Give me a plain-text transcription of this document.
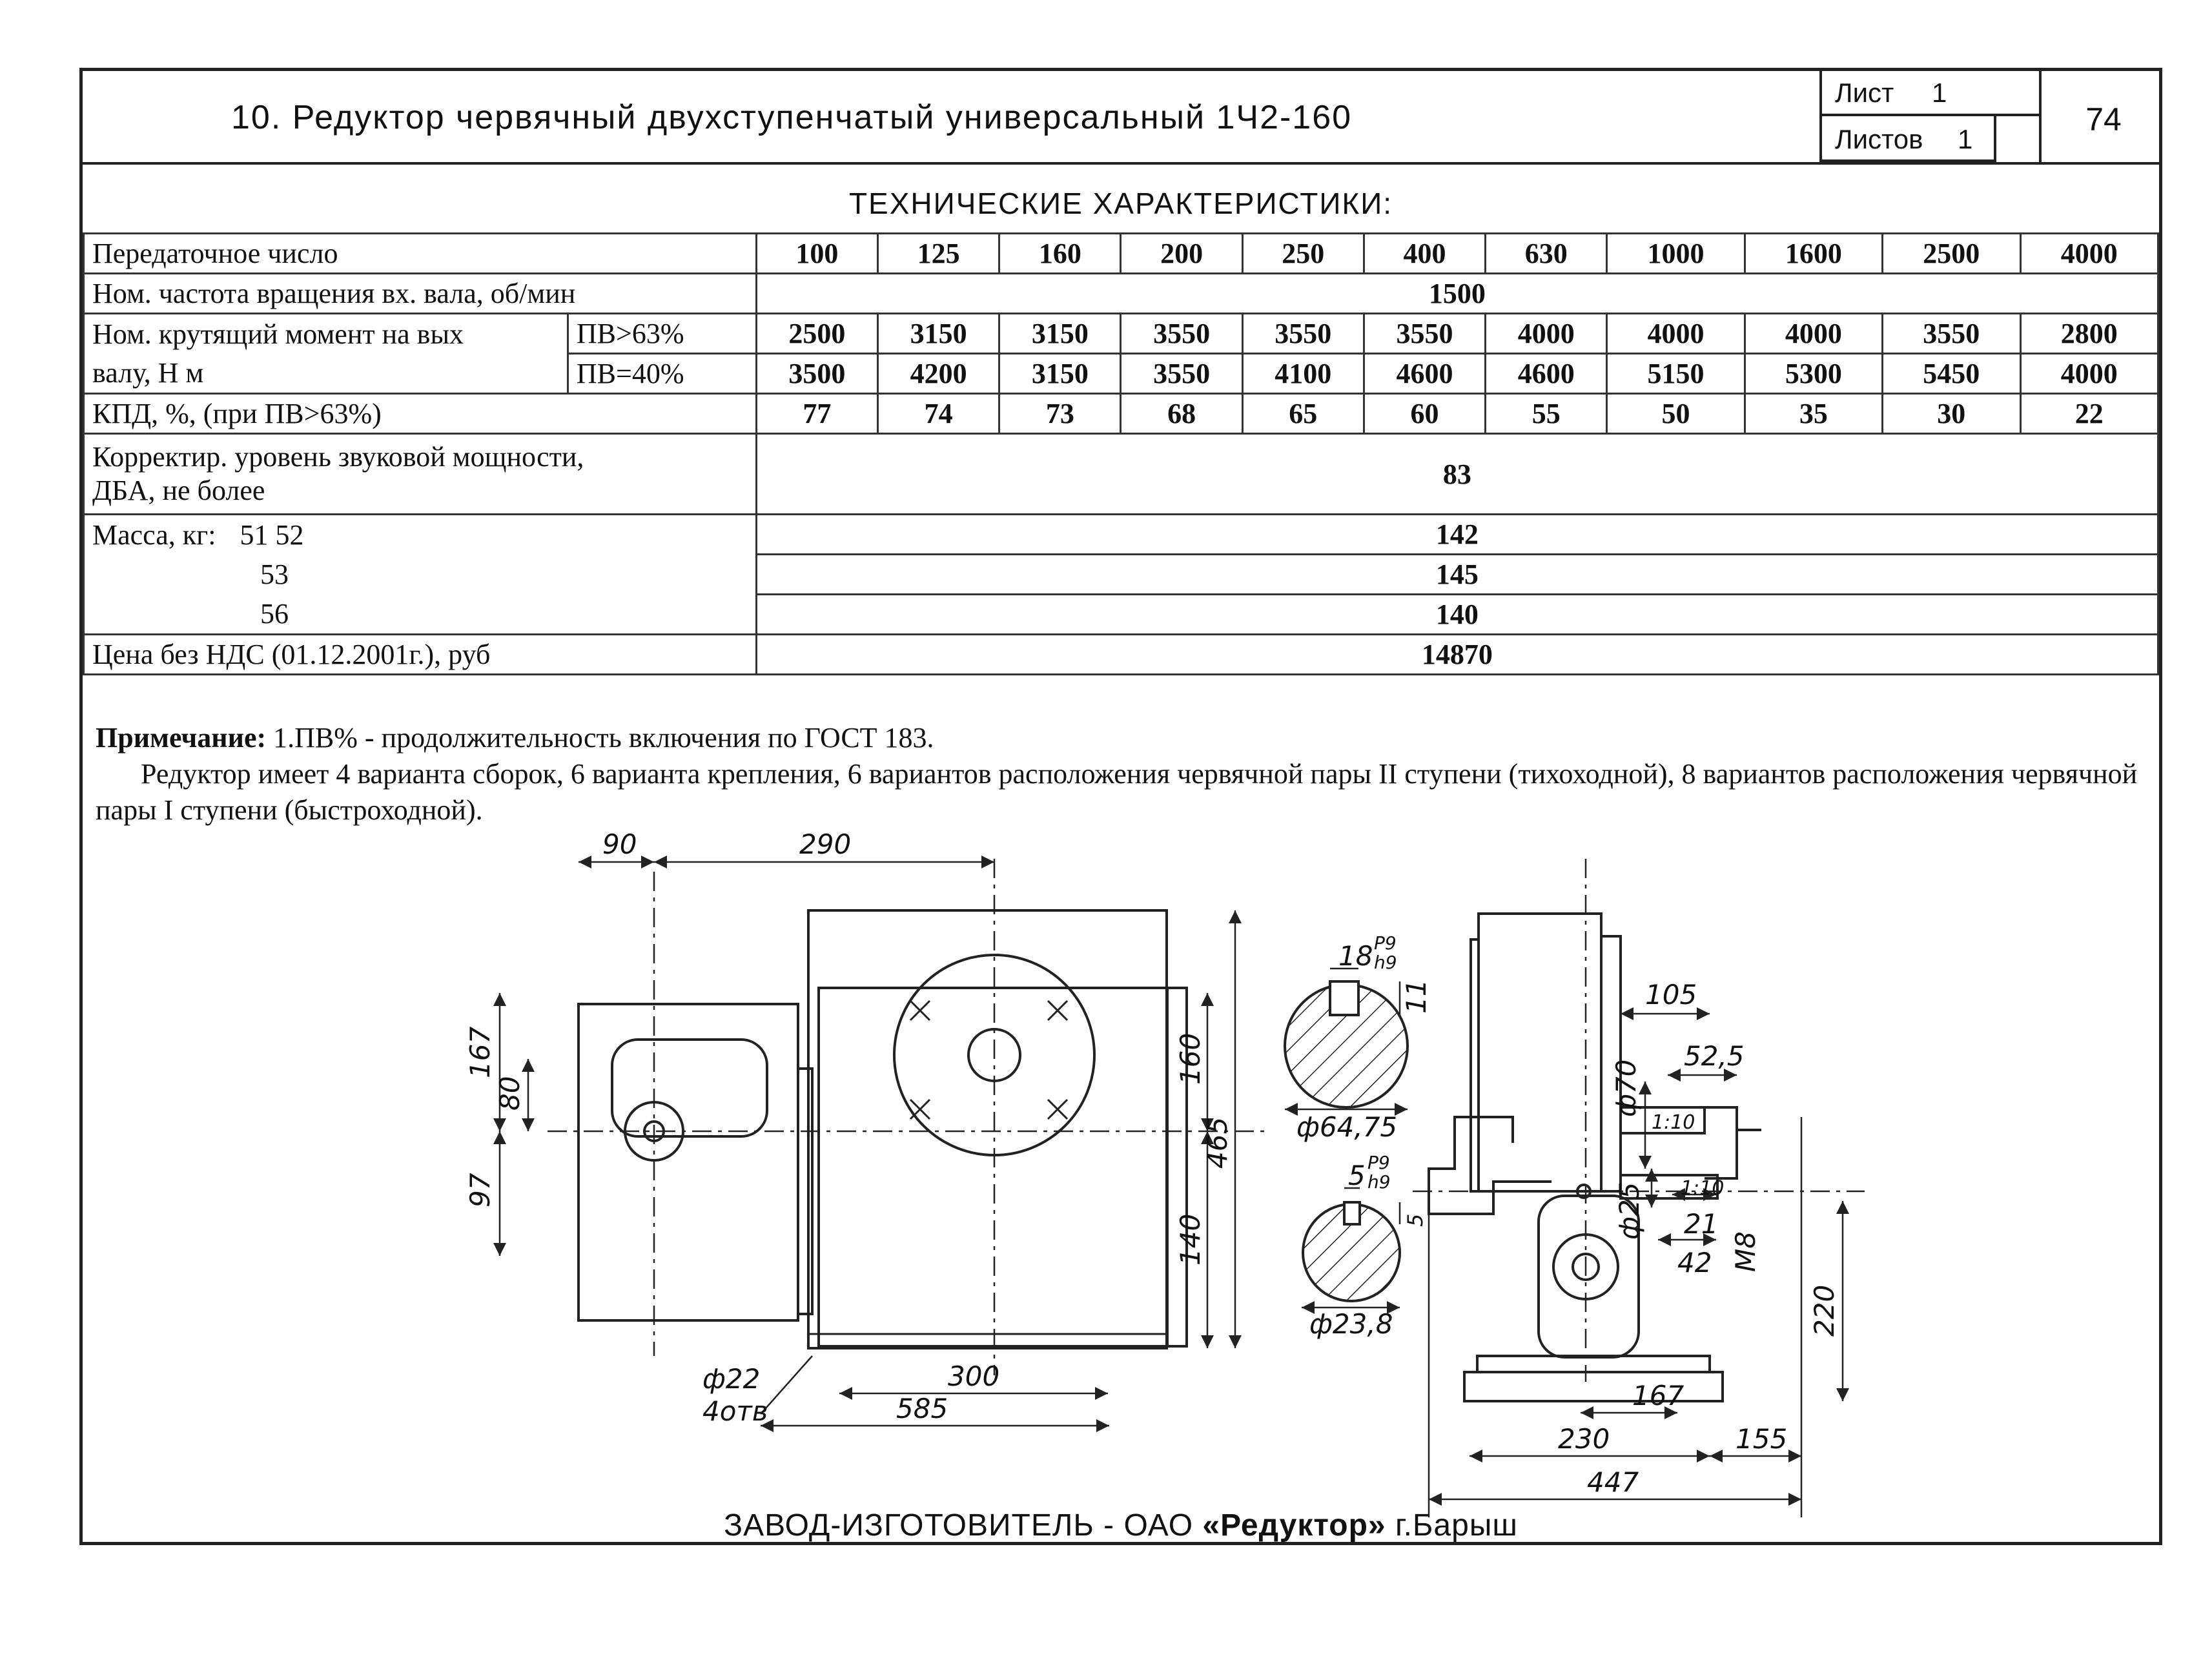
10. Редуктор червячный двухступенчатый универсальный 1Ч2-160
Лист 1
Листов 1
74
ТЕХНИЧЕСКИЕ ХАРАКТЕРИСТИКИ:
Передаточное число		100	125	160	200	250	400	630	1000	1600	2500	4000
Ном. частота вращения вх. вала, об/мин		1500										
Ном. крутящий момент на вых	ПВ>63%	2500	3150	3150	3550	3550	3550	4000	4000	4000	3550	2800
валу, Н м	ПВ=40%	3500	4200	3150	3550	4100	4600	4600	5150	5300	5450	4000
КПД, %, (при ПВ>63%)		77	74	73	68	65	60	55	50	35	30	22
Корректир. уровень звуковой мощности,
ДБА, не более		83										
Масса, кг: 51 52		142										
53		145										
56		140										
Цена без НДС (01.12.2001г.), руб		14870										
Примечание: 1.ПВ% - продолжительность включения по ГОСТ 183.
Редуктор имеет 4 варианта сборок, 6 варианта крепления, 6 вариантов расположения червячной пары II ступени (тихоходной), 8 вариантов расположения червячной пары I ступени (быстроходной).
90	290
167
80
97
160
465
140
300
585
ф22
4отв
18 P9
h9
11
ф64,75
5 P9
h9
5
ф23,8
105
52,5
ф70
1:10
ф25 1:10
21
42 М8
220
167
230	155
447
ЗАВОД-ИЗГОТОВИТЕЛЬ - ОАО «Редуктор» г.Барыш
